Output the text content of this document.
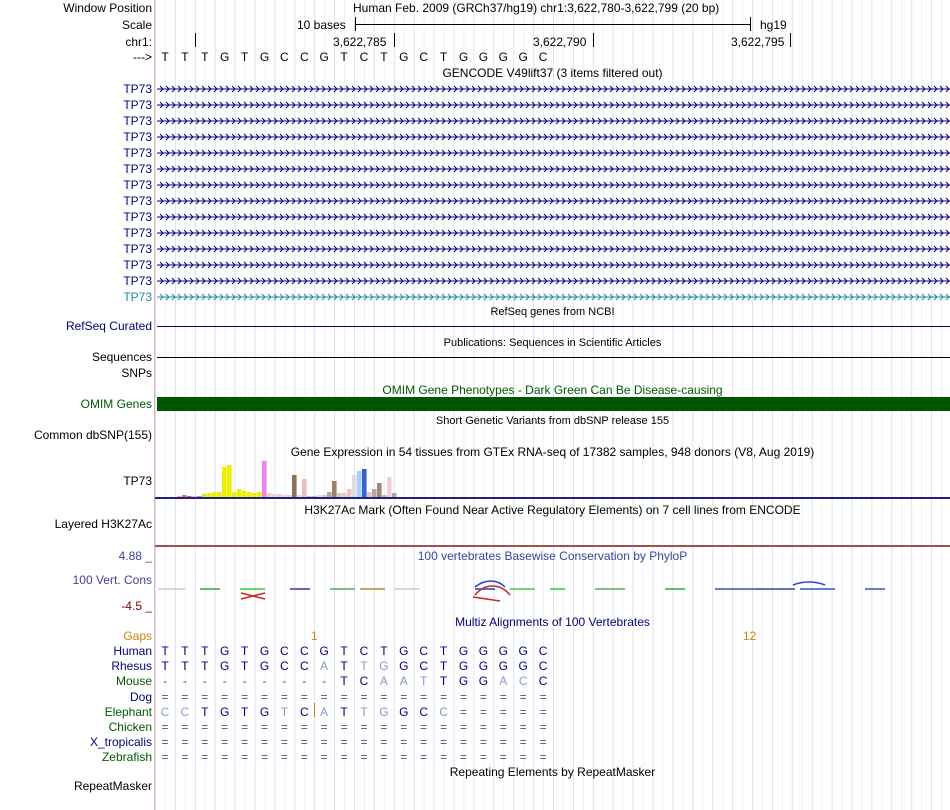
Window Position	Human Feb. 2009 (GRCh37/hg19) chr1:3,622,780-3,622,799 (20 bp)
Scale	10 bases	hg19
chr1:	3,622,785	3,622,790	3,622,795
--->
GENCODE V49lift37 (3 items filtered out)
RefSeq genes from NCBI
RefSeq Curated
Publications: Sequences in Scientific Articles
Sequences
SNPs
OMIM Gene Phenotypes - Dark Green Can Be Disease-causing
OMIM Genes
Short Genetic Variants from dbSNP release 155
Common dbSNP(155)
Gene Expression in 54 tissues from GTEx RNA-seq of 17382 samples, 948 donors (V8, Aug 2019)
TP73
H3K27Ac Mark (Often Found Near Active Regulatory Elements) on 7 cell lines from ENCODE
Layered H3K27Ac
100 vertebrates Basewise Conservation by PhyloP
4.88 _
100 Vert. Cons
-4.5 _
Multiz Alignments of 100 Vertebrates
Gaps	1	12
Repeating Elements by RepeatMasker
RepeatMasker
T T T G T G C C G T C T G C T G G G G C
TP73
TP73
TP73
TP73
TP73
TP73
TP73
TP73
TP73
TP73
TP73
TP73
TP73
TP73
Human T T T G T G C C G T C T G C T G G G G C
Rhesus T T T G T G C C A T T G G C T G G G G C
Mouse - - - - - - - - - T C A A T T G G A C C
Dog = = = = = = = = = = = = = = = = = = = =
Elephant C C T G T G T C A T T G G C C = = = = =
Chicken = = = = = = = = = = = = = = = = = = = =
X_tropicalis = = = = = = = = = = = = = = = = = = = =
Zebrafish = = = = = = = = = = = = = = = = = = = =
